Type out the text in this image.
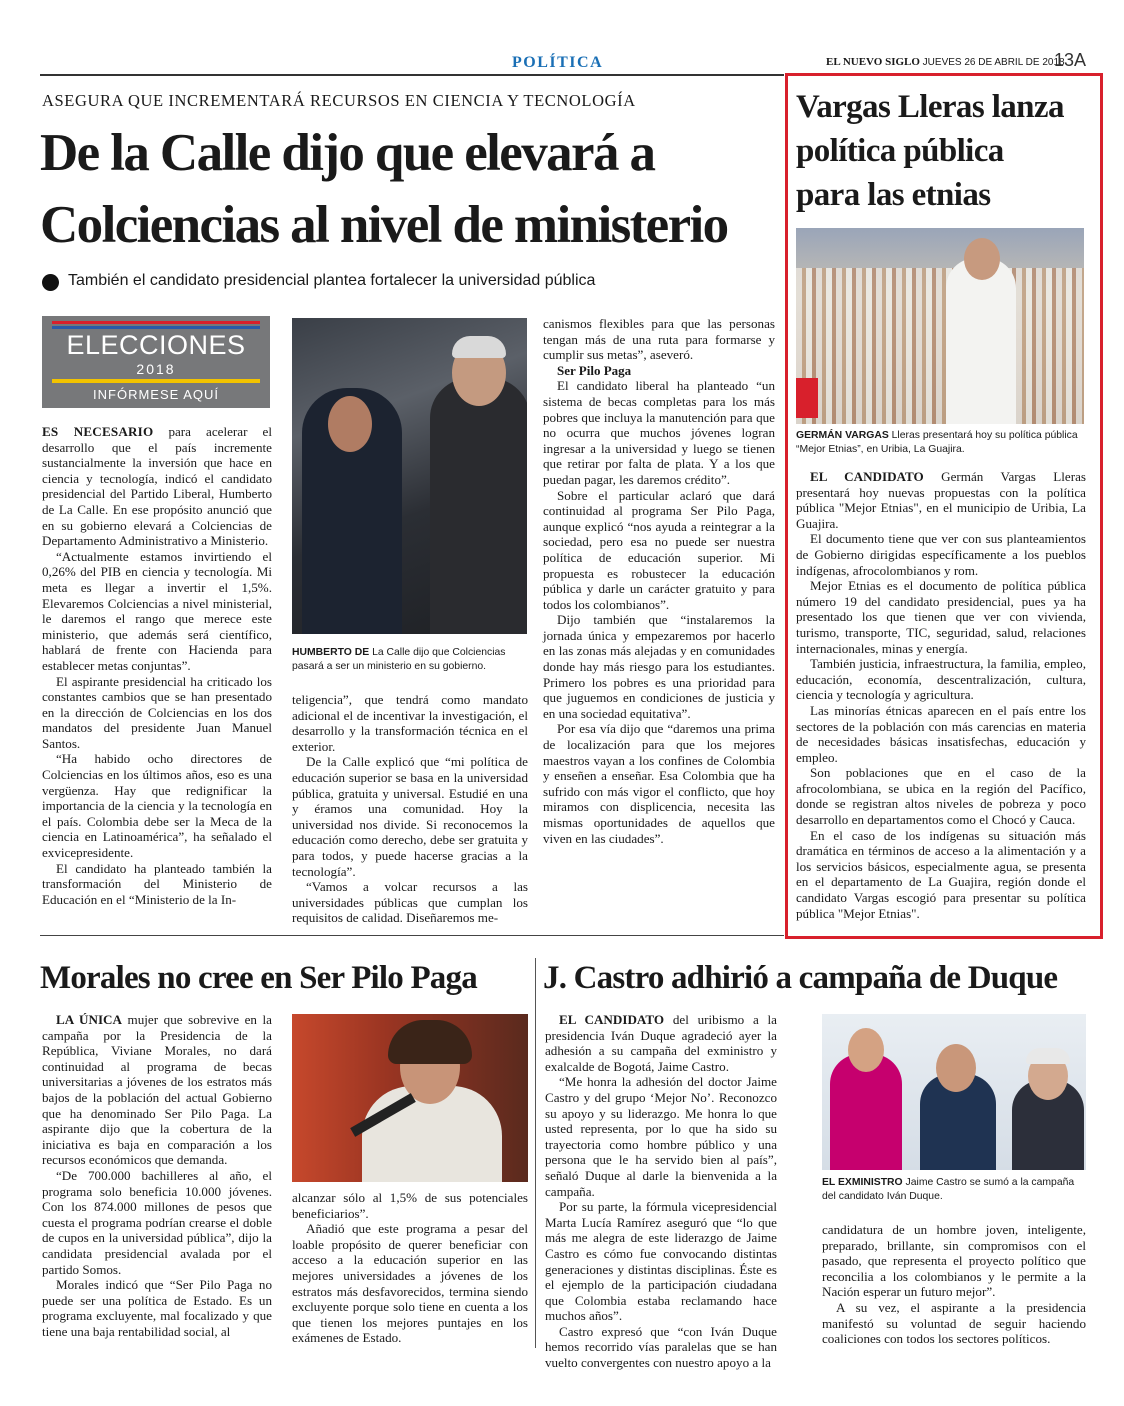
POLÍTICA	EL NUEVO SIGLO JUEVES 26 DE ABRIL DE 2018
13A
ASEGURA QUE INCREMENTARÁ RECURSOS EN CIENCIA Y TECNOLOGÍA
De la Calle dijo que elevará a
Colciencias al nivel de ministerio
También el candidato presidencial plantea fortalecer la universidad pública
ELECCIONES
2018
INFÓRMESE AQUÍ

ES NECESARIO para acelerar el desarrollo que el país incremente sustancialmente la inversión que hace en ciencia y tecnología, indicó el candidato presidencial del Partido Liberal, Humberto de La Calle. En ese propósito anunció que en su gobierno elevará a Colciencias de Departamento Administrativo a Ministerio.

“Actualmente estamos invirtiendo el 0,26% del PIB en ciencia y tecnología. Mi meta es llegar a invertir el 1,5%. Elevaremos Colciencias a nivel ministerial, le daremos el rango que merece este ministerio, que además será científico, hablará de frente con Hacienda para establecer metas conjuntas”.

El aspirante presidencial ha criticado los constantes cambios que se han presentado en la dirección de Colciencias en los dos mandatos del presidente Juan Manuel Santos.

“Ha habido ocho directores de Colciencias en los últimos años, eso es una vergüenza. Hay que redignificar la importancia de la ciencia y la tecnología en el país. Colombia debe ser la Meca de la ciencia en Latinoamérica”, ha señalado el exvicepresidente.

El candidato ha planteado también la transformación del Ministerio de Educación en el “Ministerio de la In-

HUMBERTO DE La Calle dijo que Colciencias pasará a ser un ministerio en su gobierno.

teligencia”, que tendrá como mandato adicional el de incentivar la investigación, el desarrollo y la transformación técnica en el exterior.

De la Calle explicó que “mi política de educación superior se basa en la universidad pública, gratuita y universal. Estudié en una y éramos una comunidad. Hoy la universidad nos divide. Si reconocemos la educación como derecho, debe ser gratuita y para todos, y puede hacerse gracias a la tecnología”.

“Vamos a volcar recursos a las universidades públicas que cumplan los requisitos de calidad. Diseñaremos me-

canismos flexibles para que las personas tengan más de una ruta para formarse y cumplir sus metas”, aseveró.

Ser Pilo Paga

El candidato liberal ha planteado “un sistema de becas completas para los más pobres que incluya la manutención para que no ocurra que muchos jóvenes logran ingresar a la universidad y luego se tienen que retirar por falta de plata. Y a los que puedan pagar, les daremos crédito”.

Sobre el particular aclaró que dará continuidad al programa Ser Pilo Paga, aunque explicó “nos ayuda a reintegrar a la sociedad, pero esa no puede ser nuestra política de educación superior. Mi propuesta es robustecer la educación pública y darle un carácter gratuito y para todos los colombianos”.

Dijo también que “instalaremos la jornada única y empezaremos por hacerlo en las zonas más alejadas y en comunidades donde hay más riesgo para los estudiantes. Primero los pobres es una prioridad para que juguemos en condiciones de justicia y en una sociedad equitativa”.

Por esa vía dijo que “daremos una prima de localización para que los mejores maestros vayan a los confines de Colombia y enseñen a enseñar. Esa Colombia que ha sufrido con más vigor el conflicto, que hoy miramos con displicencia, necesita las mismas oportunidades de aquellos que viven en las ciudades”.

Vargas Lleras lanza
política pública
para las etnias
GERMÁN VARGAS Lleras presentará hoy su política pública “Mejor Etnias”, en Uribia, La Guajira.

EL CANDIDATO Germán Vargas Lleras presentará hoy nuevas propuestas con la política pública "Mejor Etnias", en el municipio de Uribia, La Guajira.

El documento tiene que ver con sus planteamientos de Gobierno dirigidas específicamente a los pueblos indígenas, afrocolombianos y rom.

Mejor Etnias es el documento de política pública número 19 del candidato presidencial, pues ya ha presentado los que tienen que ver con vivienda, turismo, transporte, TIC, seguridad, salud, relaciones internacionales, minas y energía.

También justicia, infraestructura, la familia, empleo, educación, economía, descentralización, cultura, ciencia y tecnología y agricultura.

Las minorías étnicas aparecen en el país entre los sectores de la población con más carencias en materia de necesidades básicas insatisfechas, educación y empleo.

Son poblaciones que en el caso de la afrocolombiana, se ubica en la región del Pacífico, donde se registran altos niveles de pobreza y poco desarrollo en departamentos como el Chocó y Cauca.

En el caso de los indígenas su situación más dramática en términos de acceso a la alimentación y a los servicios básicos, especialmente agua, se presenta en el departamento de La Guajira, región donde el candidato Vargas escogió para presentar su política pública "Mejor Etnias".

Morales no cree en Ser Pilo Paga

LA ÚNICA mujer que sobrevive en la campaña por la Presidencia de la República, Viviane Morales, no dará continuidad al programa de becas universitarias a jóvenes de los estratos más bajos de la población del actual Gobierno que ha denominado Ser Pilo Paga. La aspirante dijo que la cobertura de la iniciativa es baja en comparación a los recursos económicos que demanda.

“De 700.000 bachilleres al año, el programa solo beneficia 10.000 jóvenes. Con los 874.000 millones de pesos que cuesta el programa podrían crearse el doble de cupos en la universidad pública”, dijo la candidata presidencial avalada por el partido Somos.

Morales indicó que “Ser Pilo Paga no puede ser una política de Estado. Es un programa excluyente, mal focalizado y que tiene una baja rentabilidad social, al

alcanzar sólo al 1,5% de sus potenciales beneficiarios”.

Añadió que este programa a pesar del loable propósito de querer beneficiar con acceso a la educación superior en las mejores universidades a jóvenes de los estratos más desfavorecidos, termina siendo excluyente porque solo tiene en cuenta a los que tienen los mejores puntajes en los exámenes de Estado.

J. Castro adhirió a campaña de Duque

EL CANDIDATO del uribismo a la presidencia Iván Duque agradeció ayer la adhesión a su campaña del exministro y exalcalde de Bogotá, Jaime Castro.

“Me honra la adhesión del doctor Jaime Castro y del grupo ‘Mejor No’. Reconozco su apoyo y su liderazgo. Me honra lo que usted representa, por lo que ha sido su trayectoria como hombre público y una persona que le ha servido bien al país”, señaló Duque al darle la bienvenida a la campaña.

Por su parte, la fórmula vicepresidencial Marta Lucía Ramírez aseguró que “lo que más me alegra de este liderazgo de Jaime Castro es cómo fue convocando distintas generaciones y distintas disciplinas. Éste es el ejemplo de la participación ciudadana que Colombia estaba reclamando hace muchos años”.

Castro expresó que “con Iván Duque hemos recorrido vías paralelas que se han vuelto convergentes con nuestro apoyo a la

EL EXMINISTRO Jaime Castro se sumó a la campaña del candidato Iván Duque.

candidatura de un hombre joven, inteligente, preparado, brillante, sin compromisos con el pasado, que representa el proyecto político que reconcilia a los colombianos y le permite a la Nación esperar un futuro mejor”.

A su vez, el aspirante a la presidencia manifestó su voluntad de seguir haciendo coaliciones con todos los sectores políticos.
